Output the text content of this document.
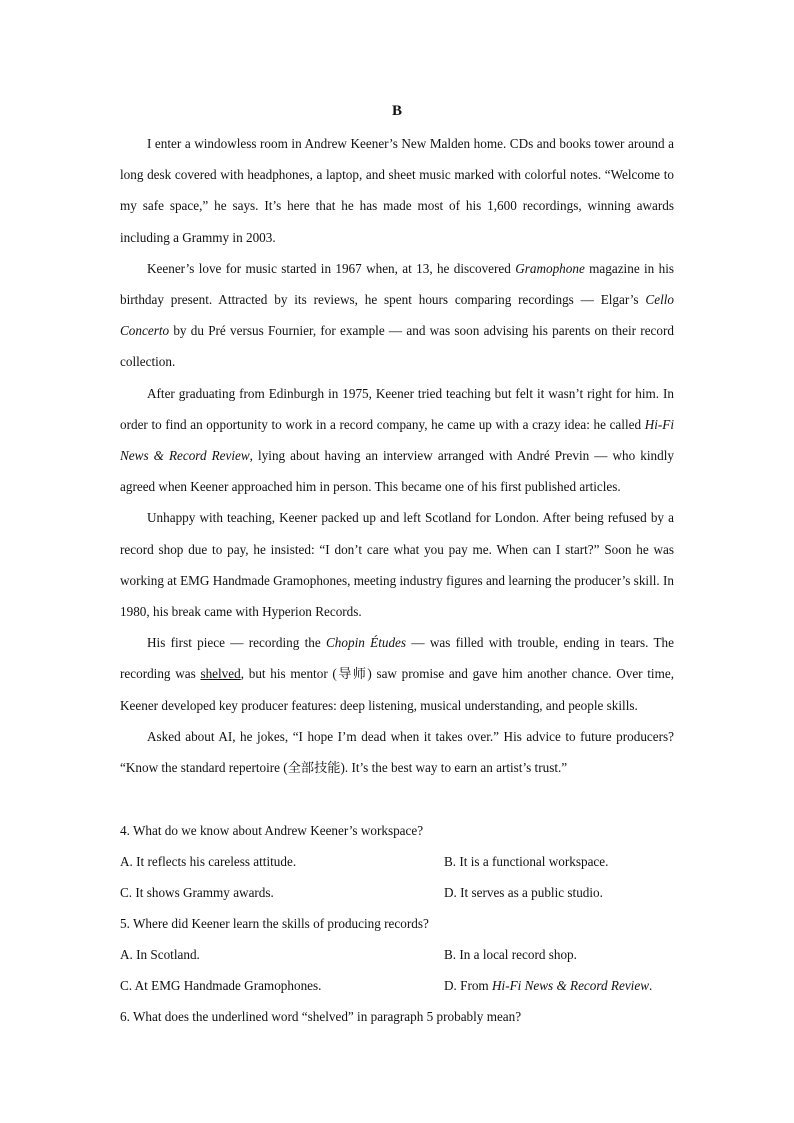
B

I enter a windowless room in Andrew Keener’s New Malden home. CDs and books tower around a long desk covered with headphones, a laptop, and sheet music marked with colorful notes. “Welcome to my safe space,” he says. It’s here that he has made most of his 1,600 recordings, winning awards including a Grammy in 2003.

Keener’s love for music started in 1967 when, at 13, he discovered Gramophone magazine in his birthday present. Attracted by its reviews, he spent hours comparing recordings — Elgar’s Cello Concerto by du Pré versus Fournier, for example — and was soon advising his parents on their record collection.

After graduating from Edinburgh in 1975, Keener tried teaching but felt it wasn’t right for him. In order to find an opportunity to work in a record company, he came up with a crazy idea: he called Hi-Fi News & Record Review, lying about having an interview arranged with André Previn — who kindly agreed when Keener approached him in person. This became one of his first published articles.

Unhappy with teaching, Keener packed up and left Scotland for London. After being refused by a record shop due to pay, he insisted: “I don’t care what you pay me. When can I start?” Soon he was working at EMG Handmade Gramophones, meeting industry figures and learning the producer’s skill. In 1980, his break came with Hyperion Records.

His first piece — recording the Chopin Études — was filled with trouble, ending in tears. The recording was shelved, but his mentor (导师) saw promise and gave him another chance. Over time, Keener developed key producer features: deep listening, musical understanding, and people skills.

Asked about AI, he jokes, “I hope I’m dead when it takes over.” His advice to future producers? “Know the standard repertoire (全部技能). It’s the best way to earn an artist’s trust.”

4. What do we know about Andrew Keener’s workspace?

A. It reflects his careless attitude.	B. It is a functional workspace.

C. It shows Grammy awards.	D. It serves as a public studio.

5. Where did Keener learn the skills of producing records?

A. In Scotland.	B. In a local record shop.

C. At EMG Handmade Gramophones.	D. From Hi-Fi News & Record Review.

6. What does the underlined word “shelved” in paragraph 5 probably mean?
